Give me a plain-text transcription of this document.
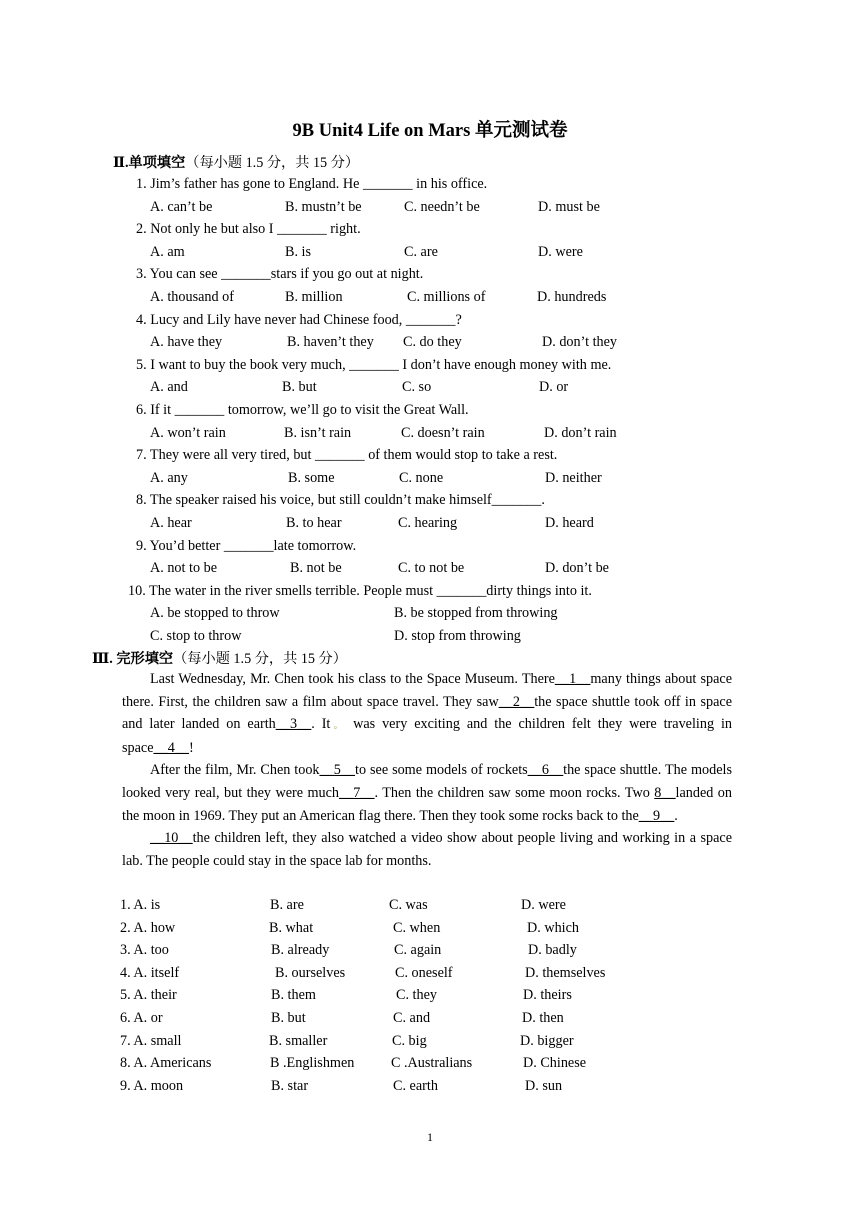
9B Unit4 Life on Mars 单元测试卷
Ⅱ.单项填空（每小题 1.5 分，共 15 分）
1. Jim’s father has gone to England. He _______ in his office.
A. can’t be	B. mustn’t be	C. needn’t be	D. must be
2. Not only he but also I _______ right.
A. am	B. is	C. are	D. were
3. You can see _______stars if you go out at night.
A. thousand of	B. million	C. millions of	D. hundreds
4. Lucy and Lily have never had Chinese food, _______?
A. have they	B. haven’t they C. do they	D. don’t they
5. I want to buy the book very much, _______ I don’t have enough money with me.
A. and	B. but	C. so	D. or
6. If it _______ tomorrow, we’ll go to visit the Great Wall.
A. won’t rain	B. isn’t rain	C. doesn’t rain	D. don’t rain
7. They were all very tired, but _______ of them would stop to take a rest.
A. any	B. some	C. none	D. neither
8. The speaker raised his voice, but still couldn’t make himself_______.
A. hear	B. to hear	C. hearing	D. heard
9. You’d better _______late tomorrow.
A. not to be	B. not be	C. to not be	D. don’t be
10. The water in the river smells terrible. People must _______dirty things into it.
A. be stopped to throw	B. be stopped from throwing
C. stop to throw	D. stop from throwing
Ⅲ. 完形填空（每小题 1.5 分，共 15 分）
Last Wednesday, Mr. Chen took his class to the Space Museum. There__1__many things about space there. First, the children saw a film about space travel. They saw__2__the space shuttle took off in space and later landed on earth__3__. It。 was very exciting and the children felt they were traveling in space__4__!
After the film, Mr. Chen took__5__to see some models of rockets__6__the space shuttle. The models looked very real, but they were much__7__. Then the children saw some moon rocks. Two 8__landed on the moon in 1969. They put an American flag there. Then they took some rocks back to the__9__.
__10__the children left, they also watched a video show about people living and working in a space lab. The people could stay in the space lab for months.
1. A. is	B. are	C. was	D. were
2. A. how	B. what	C. when	D. which
3. A. too	B. already	C. again	D. badly
4. A. itself	B. ourselves	C. oneself	D. themselves
5. A. their	B. them	C. they	D. theirs
6. A. or	B. but	C. and	D. then
7. A. small	B. smaller	C. big	D. bigger
8. A. Americans	B .Englishmen	C .Australians	D. Chinese
9. A. moon	B. star	C. earth	D. sun
1
